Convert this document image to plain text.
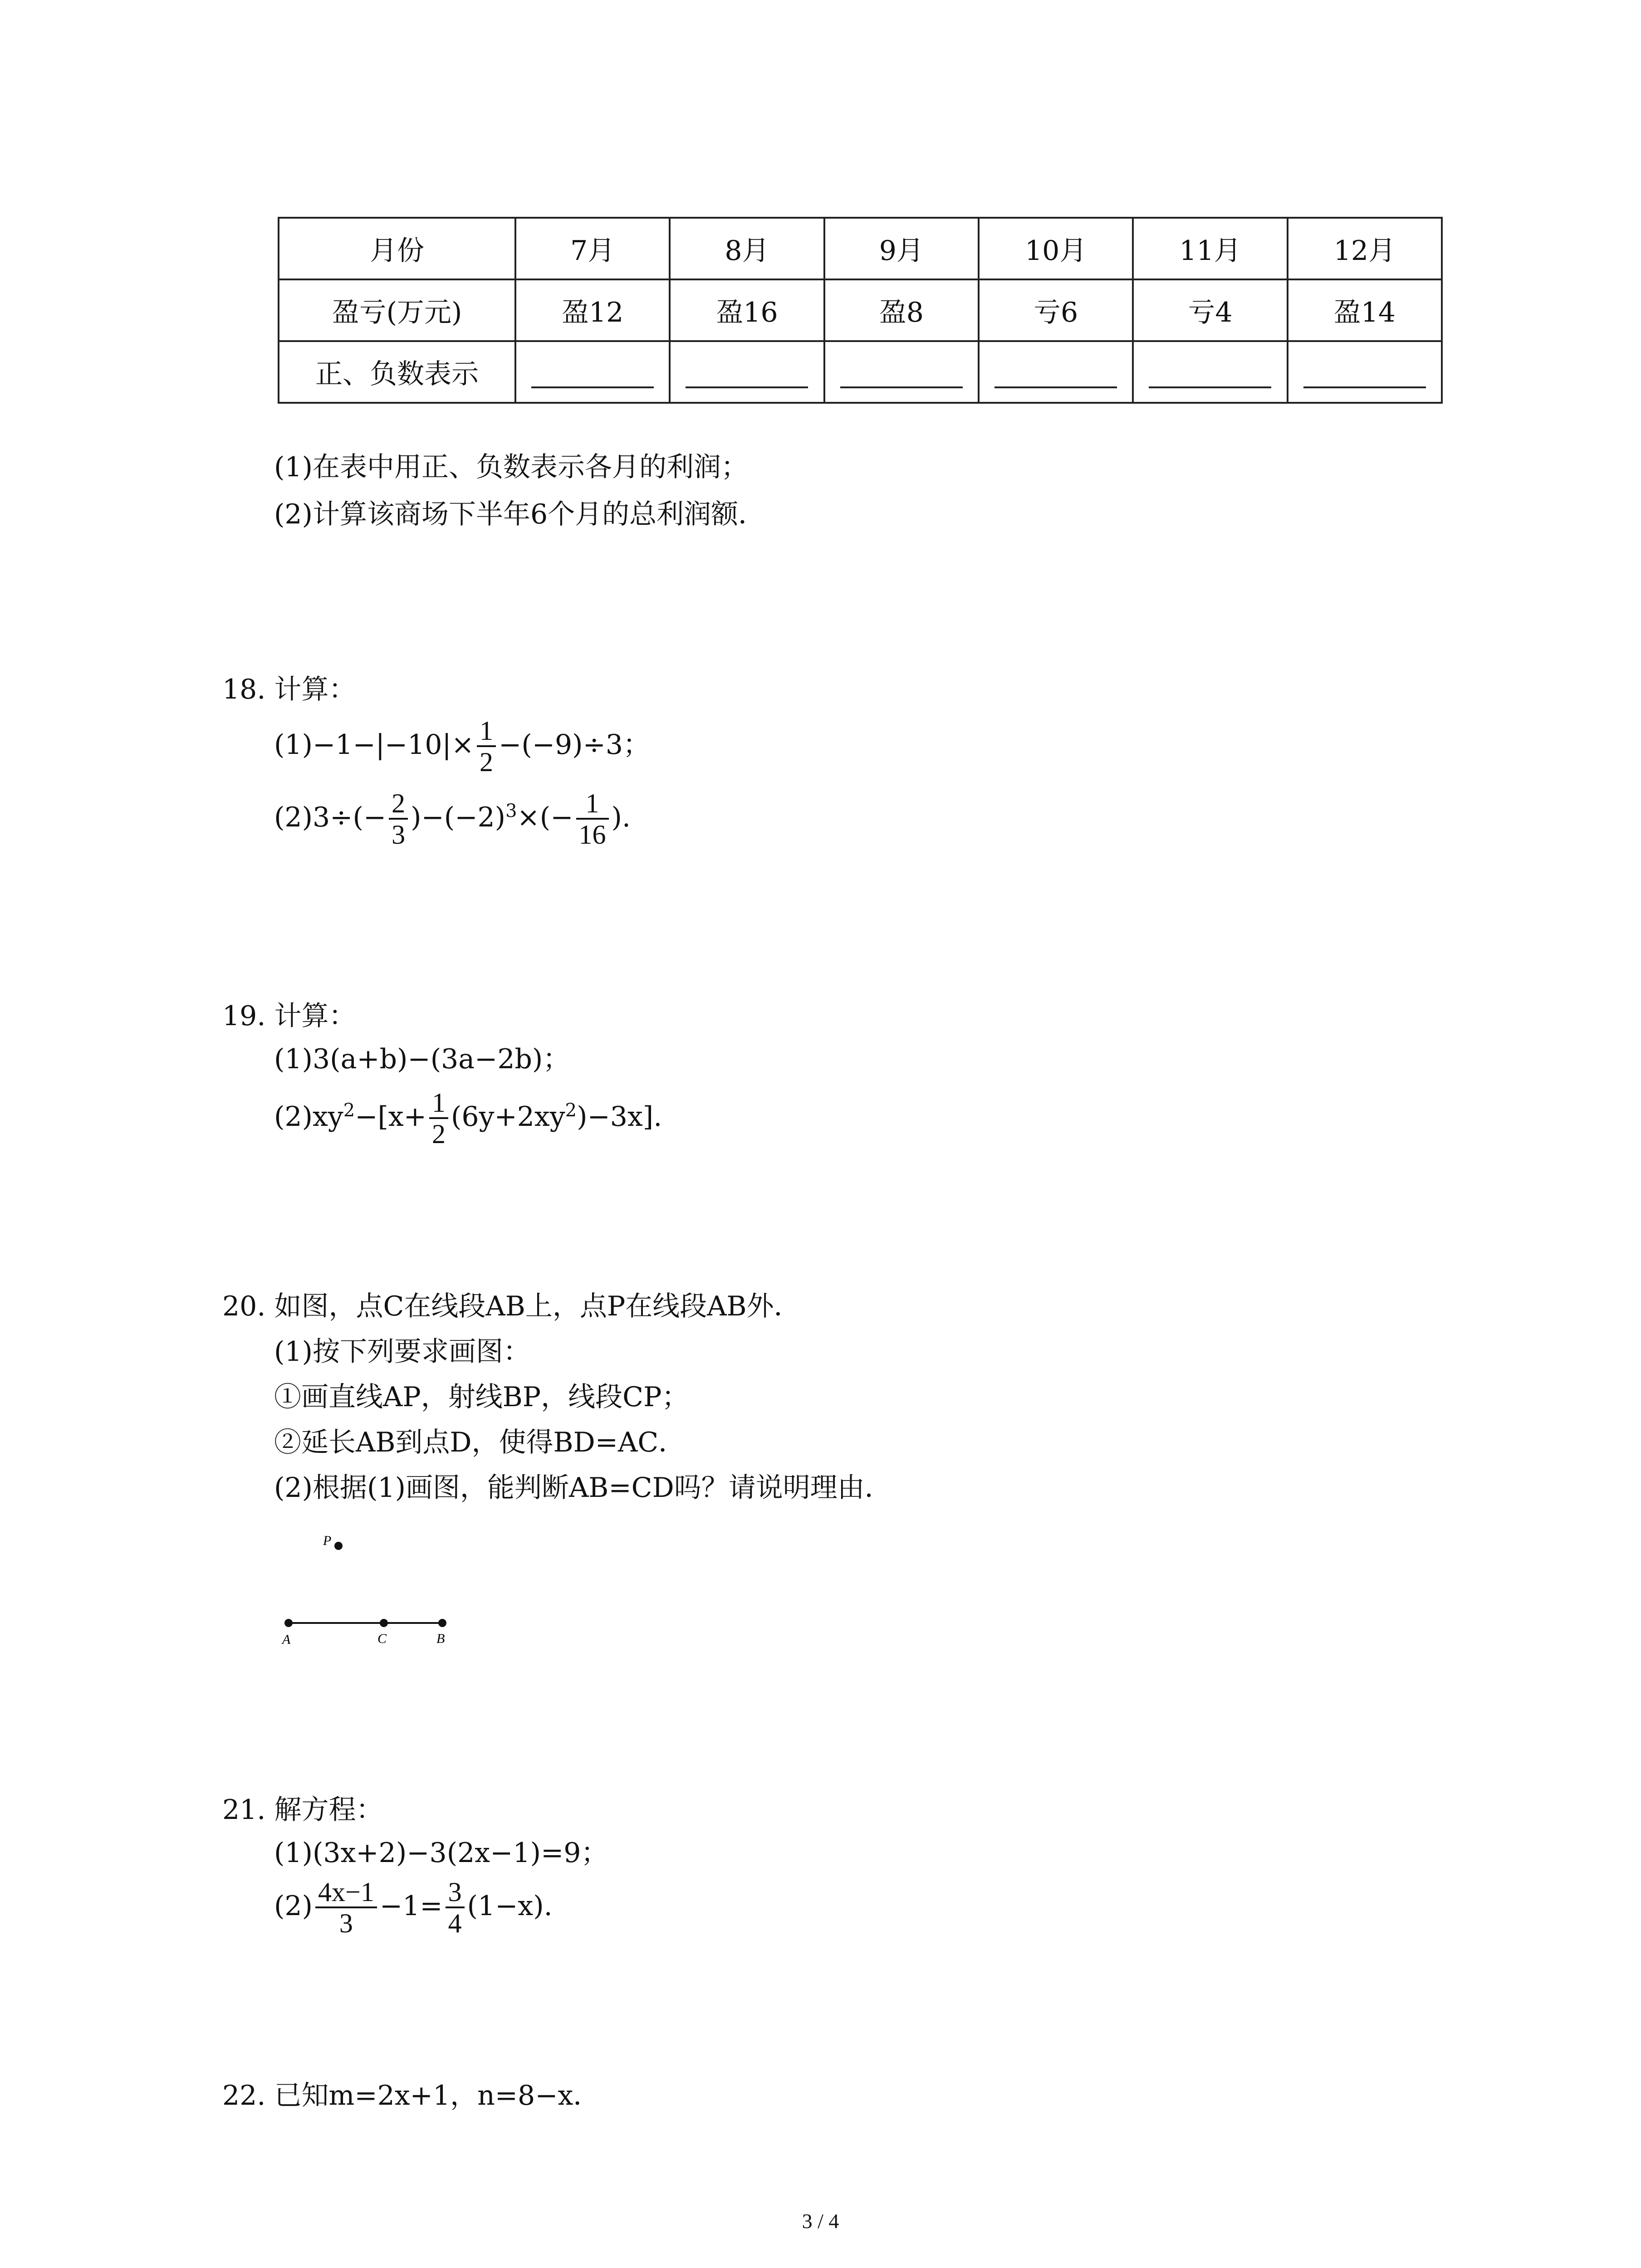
月份	7月	8月	9月	10月	11月	12月
盈亏(万元)	盈12	盈16	盈8	亏6	亏4	盈14
正、负数表示						
(1)在表中用正、负数表示各月的利润；
(2)计算该商场下半年6个月的总利润额．
18. 计算：
$(1)-1-|-10|\times \frac{1}{2} -(-9)\div 3$；
$(2)3\div(- \frac{2}{3} )-(-2)^3\times(- \frac{1}{16}$ ).
19. 计算：
(1)3(a+b)−(3a−2b)；
$(2)xy^2-[x+ \frac{1}{2} (6y+2xy^2)-3x]$.
20. 如图，点C在线段AB上，点P在线段AB外．
(1)按下列要求画图：
①画直线AP，射线BP，线段CP；
②延长AB到点D，使得BD=AC．
(2)根据(1)画图，能判断AB=CD吗？请说明理由．
P
A	C	B
21. 解方程：
(1)(3x+2)−3(2x−1)=9；
$(2) \frac{4x-1}{3} -1= \frac{3}{4} (1-x)$.
22. 已知m=2x+1，n=8−x．
3 / 4
